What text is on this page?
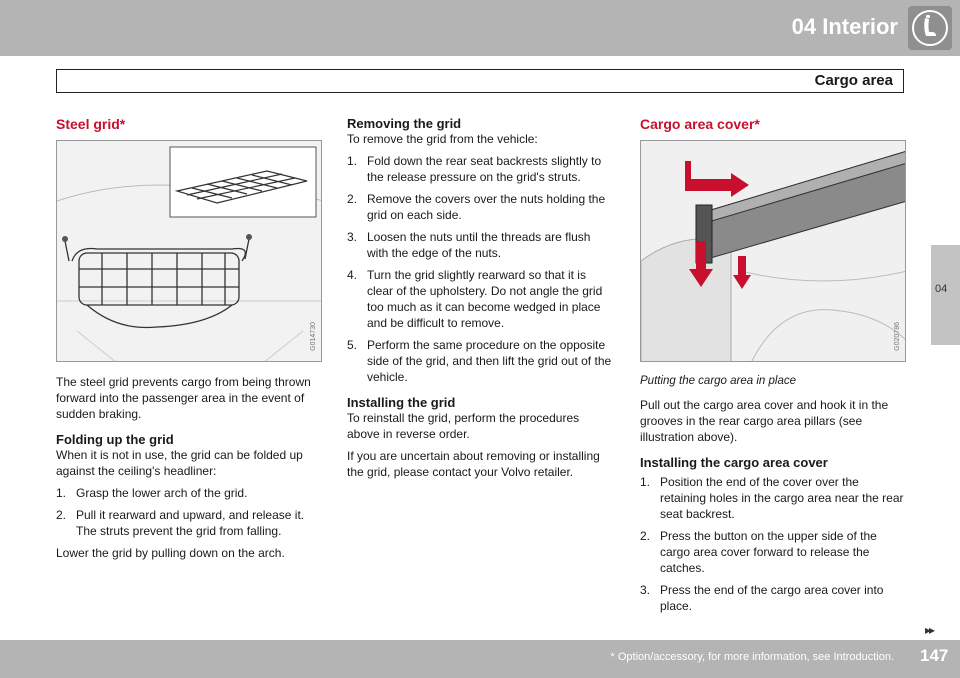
04 Interior
Cargo area
04
Steel grid*
G014730

The steel grid prevents cargo from being thrown forward into the passenger area in the event of sudden braking.

Folding up the grid

When it is not in use, the grid can be folded up against the ceiling's headliner:

1. Grasp the lower arch of the grid.
2. Pull it rearward and upward, and release it. The struts prevent the grid from falling.

Lower the grid by pulling down on the arch.

Removing the grid

To remove the grid from the vehicle:

1. Fold down the rear seat backrests slightly to the release pressure on the grid's struts.
2. Remove the covers over the nuts holding the grid on each side.
3. Loosen the nuts until the threads are flush with the edge of the nuts.
4. Turn the grid slightly rearward so that it is clear of the upholstery. Do not angle the grid too much as it can become wedged in place and be difficult to remove.
5. Perform the same procedure on the opposite side of the grid, and then lift the grid out of the vehicle.
Installing the grid

To reinstall the grid, perform the procedures above in reverse order.

If you are uncertain about removing or installing the grid, please contact your Volvo retailer.

Cargo area cover*
G020786

Putting the cargo area in place

Pull out the cargo area cover and hook it in the grooves in the rear cargo area pillars (see illustration above).

Installing the cargo area cover
1. Position the end of the cover over the retaining holes in the cargo area near the rear seat backrest.
2. Press the button on the upper side of the cargo area cover forward to release the catches.
3. Press the end of the cargo area cover into place.
▸▸
* Option/accessory, for more information, see Introduction. 147
